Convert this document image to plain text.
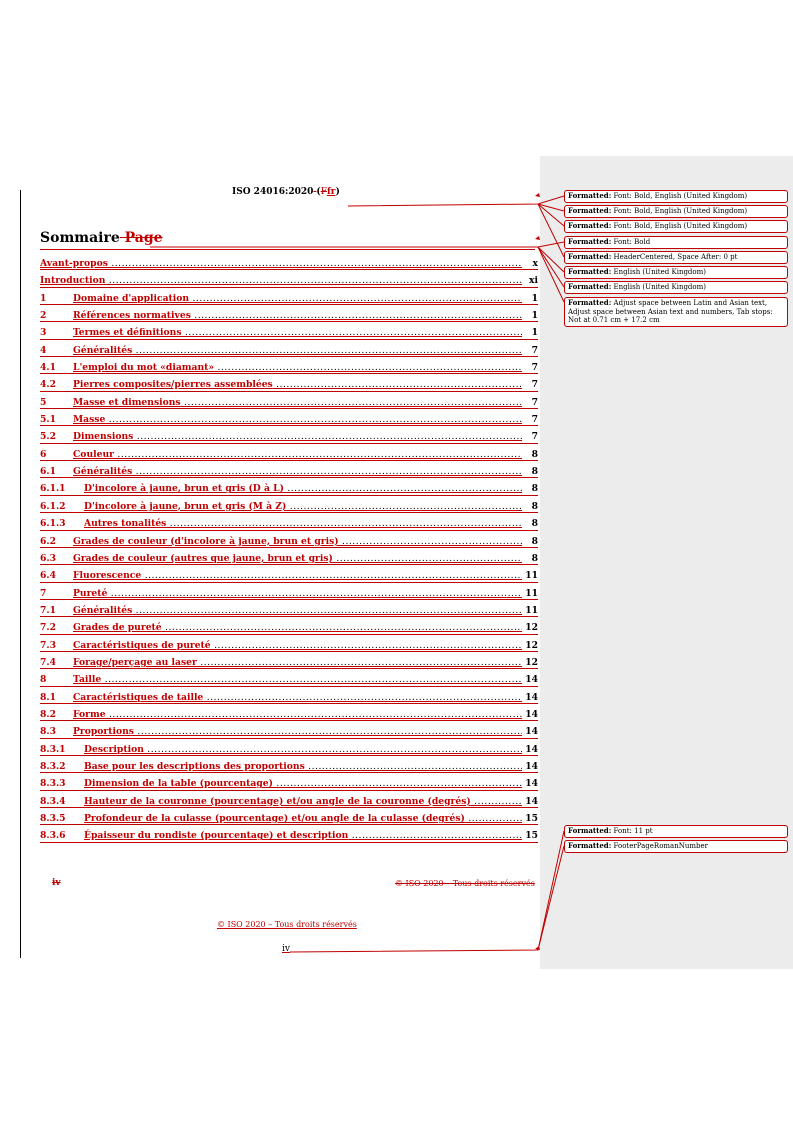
ISO 24016:2020-(Ffr)
Sommaire Page
Avant-propos .....	x
Introduction .....	xi
1	Domaine d'application .....	1
2	Références normatives .....	1
3	Termes et définitions .....	1
4	Généralités .....	7
4.1	L'emploi du mot «diamant» .....	7
4.2	Pierres composites/pierres assemblées .....	7
5	Masse et dimensions .....	7
5.1	Masse .....	7
5.2	Dimensions .....	7
6	Couleur .....	8
6.1	Généralités .....	8
6.1.1	D'incolore à jaune, brun et gris (D à L) .....	8
6.1.2	D'incolore à jaune, brun et gris (M à Z) .....	8
6.1.3	Autres tonalités .....	8
6.2	Grades de couleur (d'incolore à jaune, brun et gris) .....	8
6.3	Grades de couleur (autres que jaune, brun et gris) .....	8
6.4	Fluorescence .....	11
7	Pureté .....	11
7.1	Généralités .....	11
7.2	Grades de pureté .....	12
7.3	Caractéristiques de pureté .....	12
7.4	Forage/perçage au laser .....	12
8	Taille .....	14
8.1	Caractéristiques de taille .....	14
8.2	Forme .....	14
8.3	Proportions .....	14
8.3.1	Description .....	14
8.3.2	Base pour les descriptions des proportions .....	14
8.3.3	Dimension de la table (pourcentage) .....	14
8.3.4	Hauteur de la couronne (pourcentage) et/ou angle de la couronne (degrés) .....	14
8.3.5	Profondeur de la culasse (pourcentage) et/ou angle de la culasse (degrés) .....	15
8.3.6	Épaisseur du rondiste (pourcentage) et description .....	15
iv	© ISO 2020 – Tous droits réservés
© ISO 2020 – Tous droits réservés
iv
Formatted: Font: Bold, English (United Kingdom)
Formatted: Font: Bold, English (United Kingdom)
Formatted: Font: Bold, English (United Kingdom)
Formatted: Font: Bold
Formatted: HeaderCentered, Space After: 0 pt
Formatted: English (United Kingdom)
Formatted: English (United Kingdom)
Formatted: Adjust space between Latin and Asian text, Adjust space between Asian text and numbers, Tab stops: Not at 0.71 cm + 17.2 cm
Formatted: Font: 11 pt
Formatted: FooterPageRomanNumber
